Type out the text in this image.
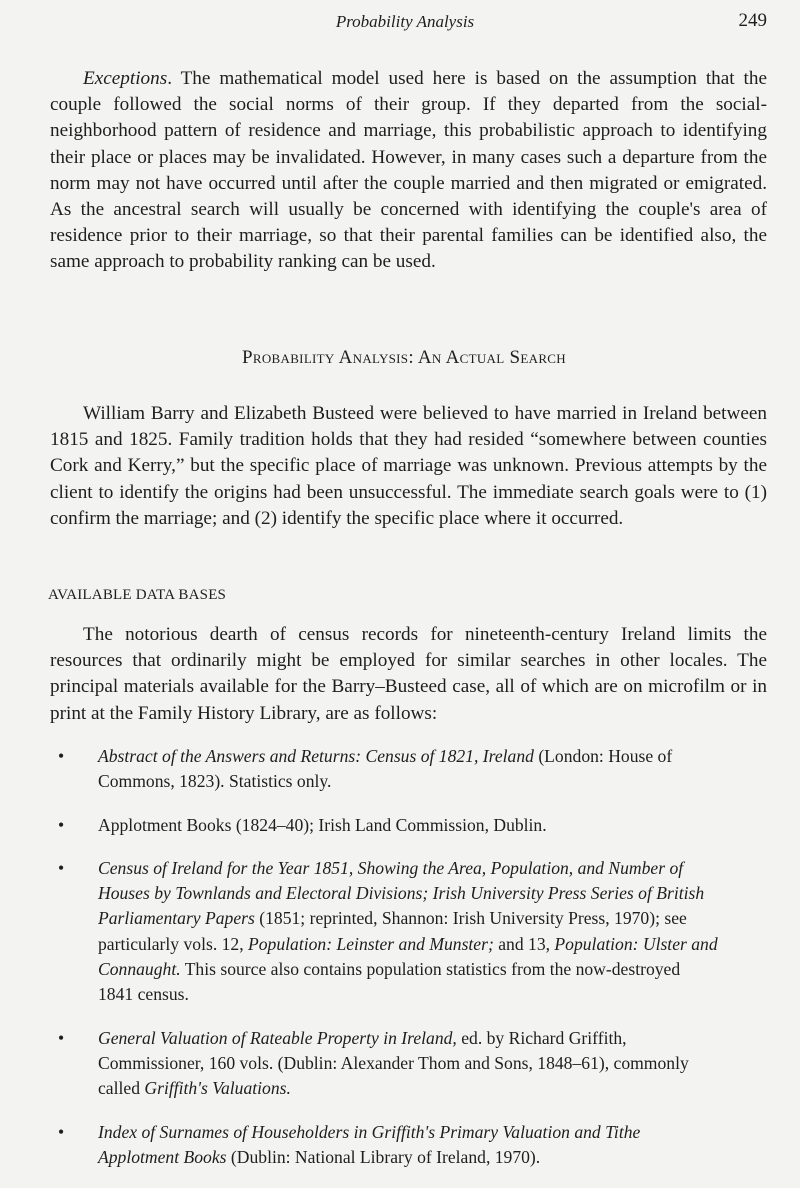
Probability Analysis	249

Exceptions. The mathematical model used here is based on the assumption that the couple followed the social norms of their group. If they departed from the social-neighborhood pattern of residence and marriage, this probabilistic approach to identifying their place or places may be invalidated. However, in many cases such a departure from the norm may not have occurred until after the couple married and then migrated or emigrated. As the ancestral search will usually be concerned with identifying the couple's area of residence prior to their marriage, so that their parental families can be identified also, the same approach to probability ranking can be used.

Probability Analysis: An Actual Search

William Barry and Elizabeth Busteed were believed to have married in Ireland between 1815 and 1825. Family tradition holds that they had resided “somewhere between counties Cork and Kerry,” but the specific place of marriage was unknown. Previous attempts by the client to identify the origins had been unsuccessful. The immediate search goals were to (1) confirm the marriage; and (2) identify the specific place where it occurred.

AVAILABLE DATA BASES

The notorious dearth of census records for nineteenth-century Ireland limits the resources that ordinarily might be employed for similar searches in other locales. The principal materials available for the Barry–Busteed case, all of which are on microfilm or in print at the Family History Library, are as follows:

• Abstract of the Answers and Returns: Census of 1821, Ireland (London: House of Commons, 1823). Statistics only.
• Applotment Books (1824–40); Irish Land Commission, Dublin.
• Census of Ireland for the Year 1851, Showing the Area, Population, and Number of Houses by Townlands and Electoral Divisions; Irish University Press Series of British Parliamentary Papers (1851; reprinted, Shannon: Irish University Press, 1970); see particularly vols. 12, Population: Leinster and Munster; and 13, Population: Ulster and Connaught. This source also contains population statistics from the now-destroyed 1841 census.
• General Valuation of Rateable Property in Ireland, ed. by Richard Griffith, Commissioner, 160 vols. (Dublin: Alexander Thom and Sons, 1848–61), commonly called Griffith's Valuations.
• Index of Surnames of Householders in Griffith's Primary Valuation and Tithe Applotment Books (Dublin: National Library of Ireland, 1970).
